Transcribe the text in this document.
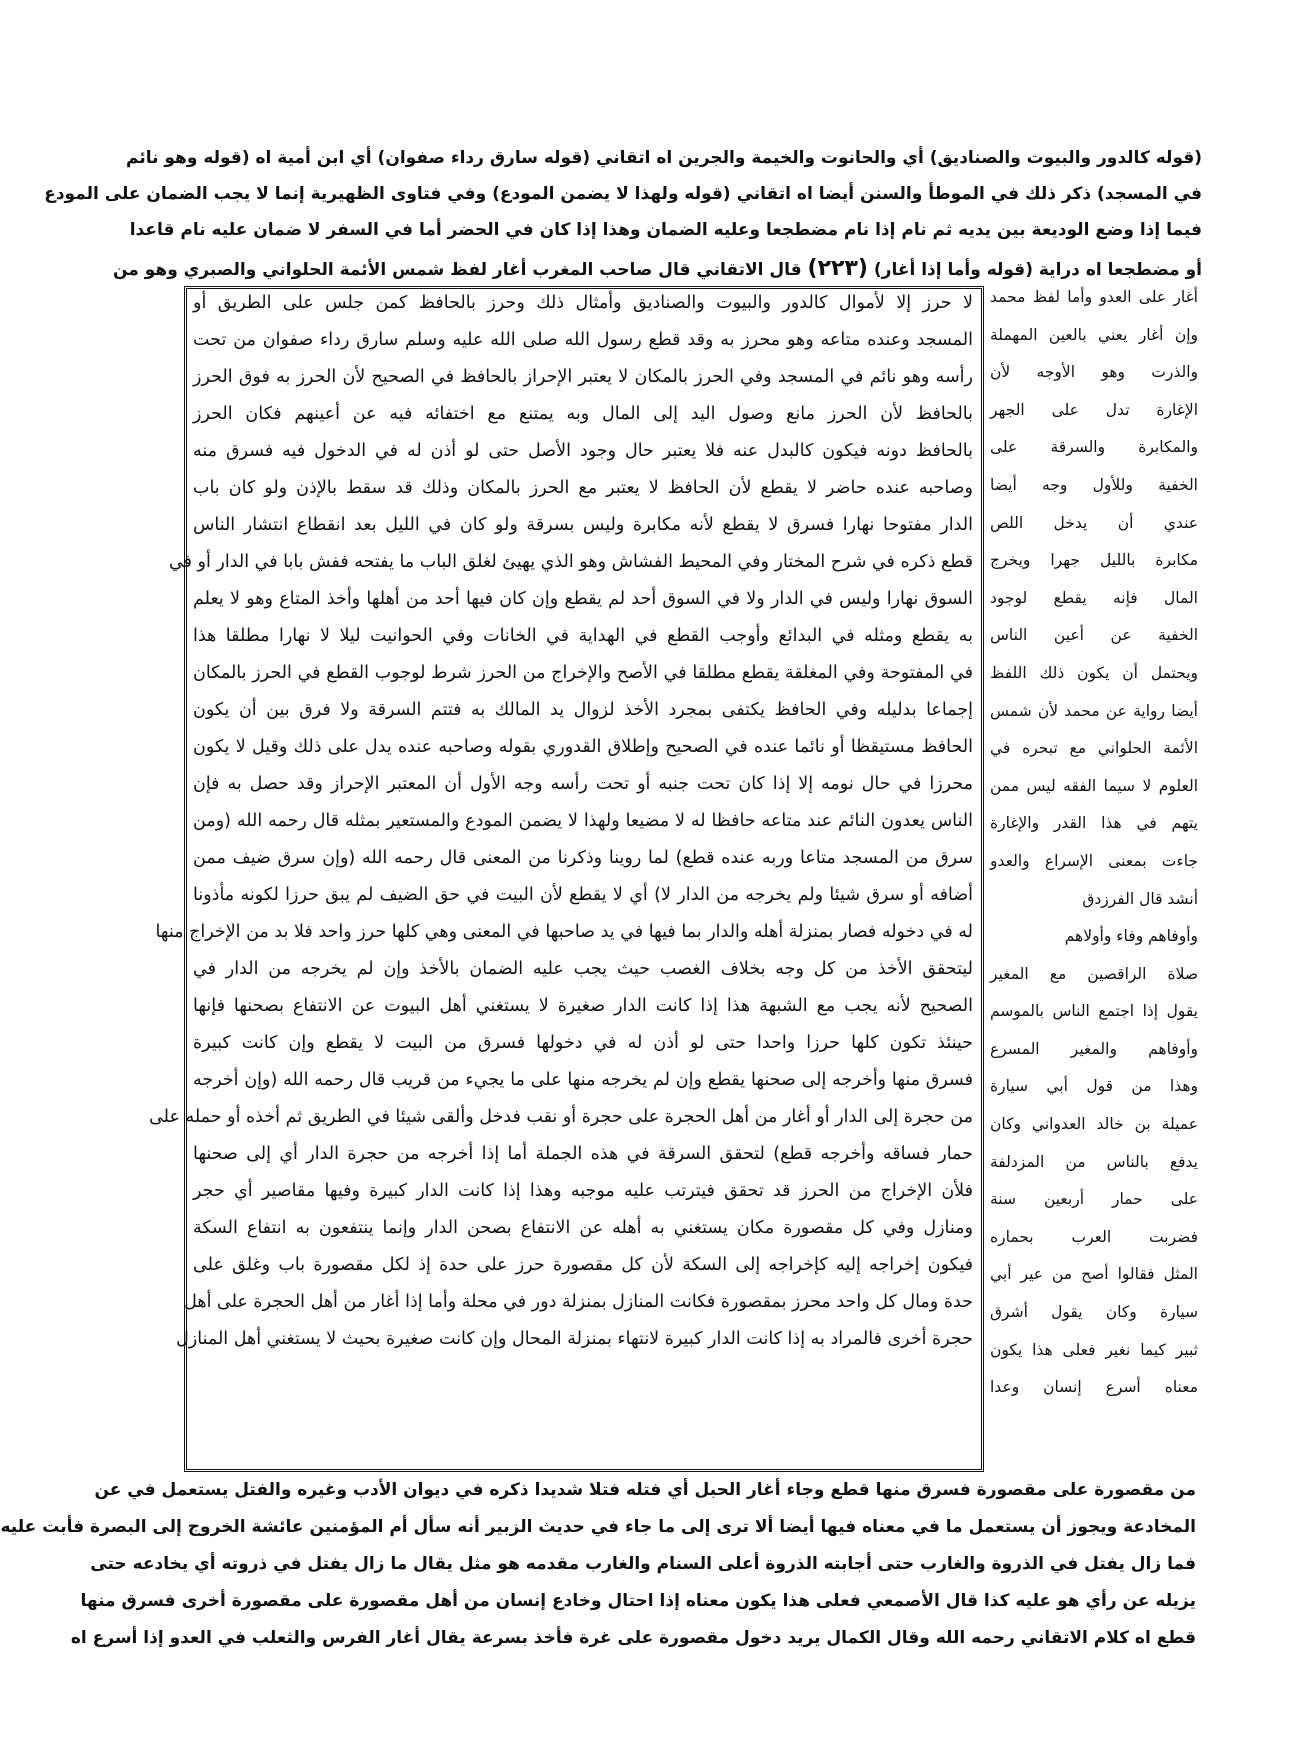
(قوله كالدور والبيوت والصناديق) أي والحانوت والخيمة والجرين اه اتقاني (قوله سارق رداء صفوان) أي ابن أمية اه (قوله وهو نائم
في المسجد) ذكر ذلك في الموطأ والسنن أيضا اه اتقاني (قوله ولهذا لا يضمن المودع) وفي فتاوى الظهيرية إنما لا يجب الضمان على المودع
فيما إذا وضع الوديعة بين يديه ثم نام إذا نام مضطجعا وعليه الضمان وهذا إذا كان في الحضر أما في السفر لا ضمان عليه نام قاعدا
أو مضطجعا اه دراية (قوله وأما إذا أغار) (٢٢٣) قال الاتقاني قال صاحب المغرب أغار لفظ شمس الأئمة الحلواني والصبري وهو من
لا حرز إلا لأموال كالدور والبيوت والصناديق وأمثال ذلك وحرز بالحافظ كمن جلس على الطريق أو
المسجد وعنده متاعه وهو محرز به وقد قطع رسول الله صلى الله عليه وسلم سارق رداء صفوان من تحت
رأسه وهو نائم في المسجد وفي الحرز بالمكان لا يعتبر الإحراز بالحافظ في الصحيح لأن الحرز به فوق الحرز
بالحافظ لأن الحرز مانع وصول اليد إلى المال وبه يمتنع مع اختفائه فيه عن أعينهم فكان الحرز
بالحافظ دونه فيكون كالبدل عنه فلا يعتبر حال وجود الأصل حتى لو أذن له في الدخول فيه فسرق منه
وصاحبه عنده حاضر لا يقطع لأن الحافظ لا يعتبر مع الحرز بالمكان وذلك قد سقط بالإذن ولو كان باب
الدار مفتوحا نهارا فسرق لا يقطع لأنه مكابرة وليس بسرقة ولو كان في الليل بعد انقطاع انتشار الناس
قطع ذكره في شرح المختار وفي المحيط الفشاش وهو الذي يهيئ لغلق الباب ما يفتحه ففش بابا في الدار أو في
السوق نهارا وليس في الدار ولا في السوق أحد لم يقطع وإن كان فيها أحد من أهلها وأخذ المتاع وهو لا يعلم
به يقطع ومثله في البدائع وأوجب القطع في الهداية في الخانات وفي الحوانيت ليلا لا نهارا مطلقا هذا
في المفتوحة وفي المغلقة يقطع مطلقا في الأصح والإخراج من الحرز شرط لوجوب القطع في الحرز بالمكان
إجماعا بدليله وفي الحافظ يكتفى بمجرد الأخذ لزوال يد المالك به فتتم السرقة ولا فرق بين أن يكون
الحافظ مستيقظا أو نائما عنده في الصحيح وإطلاق القدوري بقوله وصاحبه عنده يدل على ذلك وقيل لا يكون
محرزا في حال نومه إلا إذا كان تحت جنبه أو تحت رأسه وجه الأول أن المعتبر الإحراز وقد حصل به فإن
الناس يعدون النائم عند متاعه حافظا له لا مضيعا ولهذا لا يضمن المودع والمستعير بمثله قال رحمه الله (ومن
سرق من المسجد متاعا وربه عنده قطع) لما روينا وذكرنا من المعنى قال رحمه الله (وإن سرق ضيف ممن
أضافه أو سرق شيئا ولم يخرجه من الدار لا) أي لا يقطع لأن البيت في حق الضيف لم يبق حرزا لكونه مأذونا
له في دخوله فصار بمنزلة أهله والدار بما فيها في يد صاحبها في المعنى وهي كلها حرز واحد فلا بد من الإخراج منها
ليتحقق الأخذ من كل وجه بخلاف الغصب حيث يجب عليه الضمان بالأخذ وإن لم يخرجه من الدار في
الصحيح لأنه يجب مع الشبهة هذا إذا كانت الدار صغيرة لا يستغني أهل البيوت عن الانتفاع بصحنها فإنها
حينئذ تكون كلها حرزا واحدا حتى لو أذن له في دخولها فسرق من البيت لا يقطع وإن كانت كبيرة
فسرق منها وأخرجه إلى صحنها يقطع وإن لم يخرجه منها على ما يجيء من قريب قال رحمه الله (وإن أخرجه
من حجرة إلى الدار أو أغار من أهل الحجرة على حجرة أو نقب فدخل وألقى شيئا في الطريق ثم أخذه أو حمله على
حمار فساقه وأخرجه قطع) لتحقق السرقة في هذه الجملة أما إذا أخرجه من حجرة الدار أي إلى صحنها
فلأن الإخراج من الحرز قد تحقق فيترتب عليه موجبه وهذا إذا كانت الدار كبيرة وفيها مقاصير أي حجر
ومنازل وفي كل مقصورة مكان يستغني به أهله عن الانتفاع بصحن الدار وإنما ينتفعون به انتفاع السكة
فيكون إخراجه إليه كإخراجه إلى السكة لأن كل مقصورة حرز على حدة إذ لكل مقصورة باب وغلق على
حدة ومال كل واحد محرز بمقصورة فكانت المنازل بمنزلة دور في محلة وأما إذا أغار من أهل الحجرة على أهل
حجرة أخرى فالمراد به إذا كانت الدار كبيرة لانتهاء بمنزلة المحال وإن كانت صغيرة بحيث لا يستغني أهل المنازل
أغار على العدو وأما لفظ محمد
وإن أغار يعني بالعين المهملة
والذرت وهو الأوجه لأن
الإغارة تدل على الجهر
والمكابرة والسرقة على
الخفية وللأول وجه أيضا
عندي أن يدخل اللص
مكابرة بالليل جهرا ويخرج
المال فإنه يقطع لوجود
الخفية عن أعين الناس
ويحتمل أن يكون ذلك اللفظ
أيضا رواية عن محمد لأن شمس
الأئمة الحلواني مع تبحره في
العلوم لا سيما الفقه ليس ممن
يتهم في هذا القدر والإغارة
جاءت بمعنى الإسراع والعدو
أنشد قال الفرزدق
وأوفاهم وفاء وأولاهم
صلاة الراقصين مع المغير
يقول إذا اجتمع الناس بالموسم
وأوفاهم والمغير المسرع
وهذا من قول أبي سيارة
عميلة بن خالد العدواني وكان
يدفع بالناس من المزدلفة
على حمار أربعين سنة
فضربت العرب بحماره
المثل فقالوا أصح من عير أبي
سيارة وكان يقول أشرق
ثبير كيما نغير فعلى هذا يكون
معناه أسرع إنسان وعدا
من مقصورة على مقصورة فسرق منها قطع وجاء أغار الحبل أي فتله فتلا شديدا ذكره في ديوان الأدب وغيره والفتل يستعمل في عن
المخادعة ويجوز أن يستعمل ما في معناه فيها أيضا ألا ترى إلى ما جاء في حديث الزبير أنه سأل أم المؤمنين عائشة الخروج إلى البصرة فأبت عليه
فما زال يفتل في الذروة والغارب حتى أجابته الذروة أعلى السنام والغارب مقدمه هو مثل يقال ما زال يفتل في ذروته أي يخادعه حتى
يزيله عن رأي هو عليه كذا قال الأصمعي فعلى هذا يكون معناه إذا احتال وخادع إنسان من أهل مقصورة على مقصورة أخرى فسرق منها
قطع اه كلام الاتقاني رحمه الله وقال الكمال يريد دخول مقصورة على غرة فأخذ بسرعة يقال أغار الفرس والثعلب في العدو إذا أسرع اه
